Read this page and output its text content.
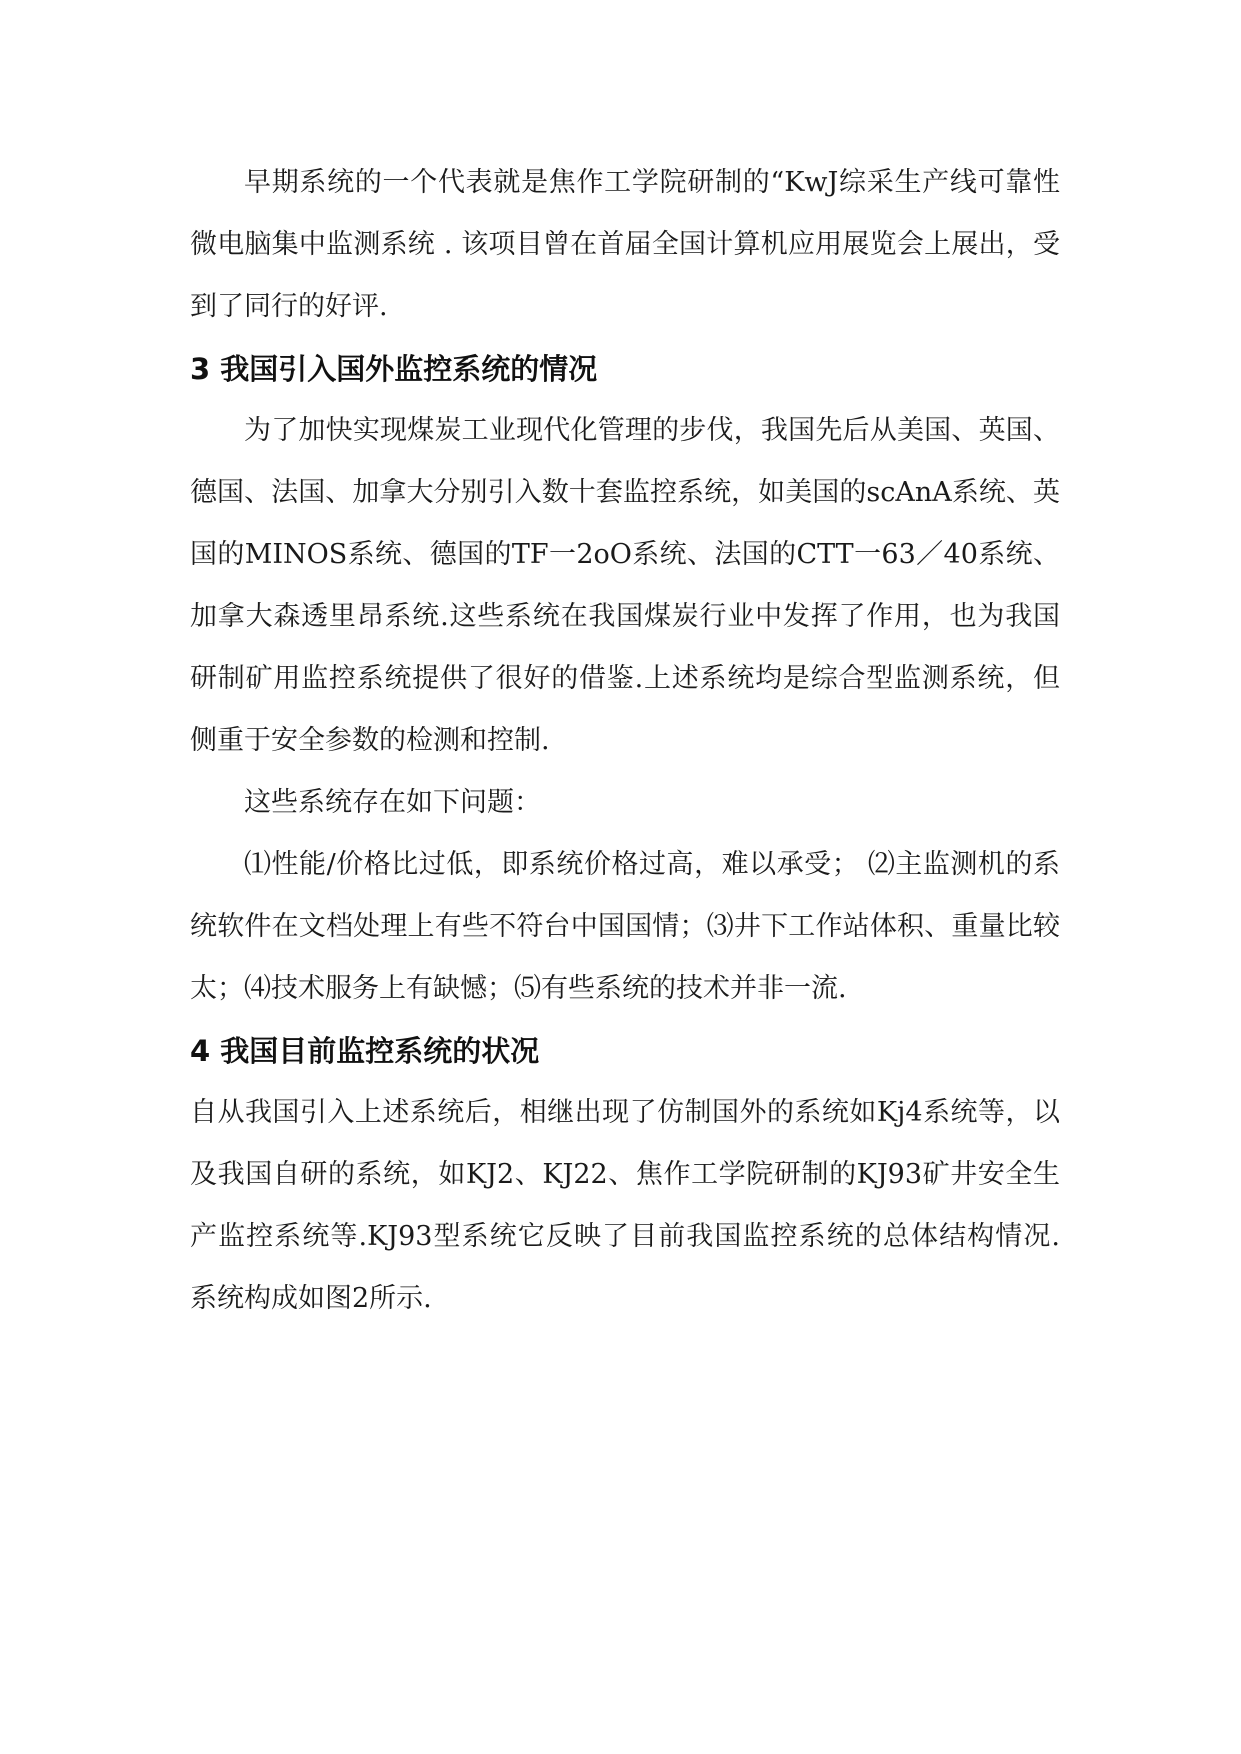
早期系统的一个代表就是焦作工学院研制的“KwJ综采生产线可靠性微电脑集中监测系统 . 该项目曾在首届全国计算机应用展览会上展出，受到了同行的好评.

3 我国引入国外监控系统的情况

为了加快实现煤炭工业现代化管理的步伐，我国先后从美国、英国、德国、法国、加拿大分别引入数十套监控系统，如美国的scAnA系统、英国的MINOS系统、德国的TF一2oO系统、法国的CTT一63／40系统、加拿大森透里昂系统.这些系统在我国煤炭行业中发挥了作用，也为我国研制矿用监控系统提供了很好的借鉴.上述系统均是综合型监测系统，但侧重于安全参数的检测和控制.

这些系统存在如下问题：

⑴性能/价格比过低，即系统价格过高，难以承受； ⑵主监测机的系统软件在文档处理上有些不符台中国国情；⑶井下工作站体积、重量比较太；⑷技术服务上有缺憾；⑸有些系统的技术并非一流.

4 我国目前监控系统的状况

自从我国引入上述系统后，相继出现了仿制国外的系统如Kj4系统等，以及我国自研的系统，如KJ2、KJ22、焦作工学院研制的KJ93矿井安全生产监控系统等.KJ93型系统它反映了目前我国监控系统的总体结构情况. 系统构成如图2所示.
